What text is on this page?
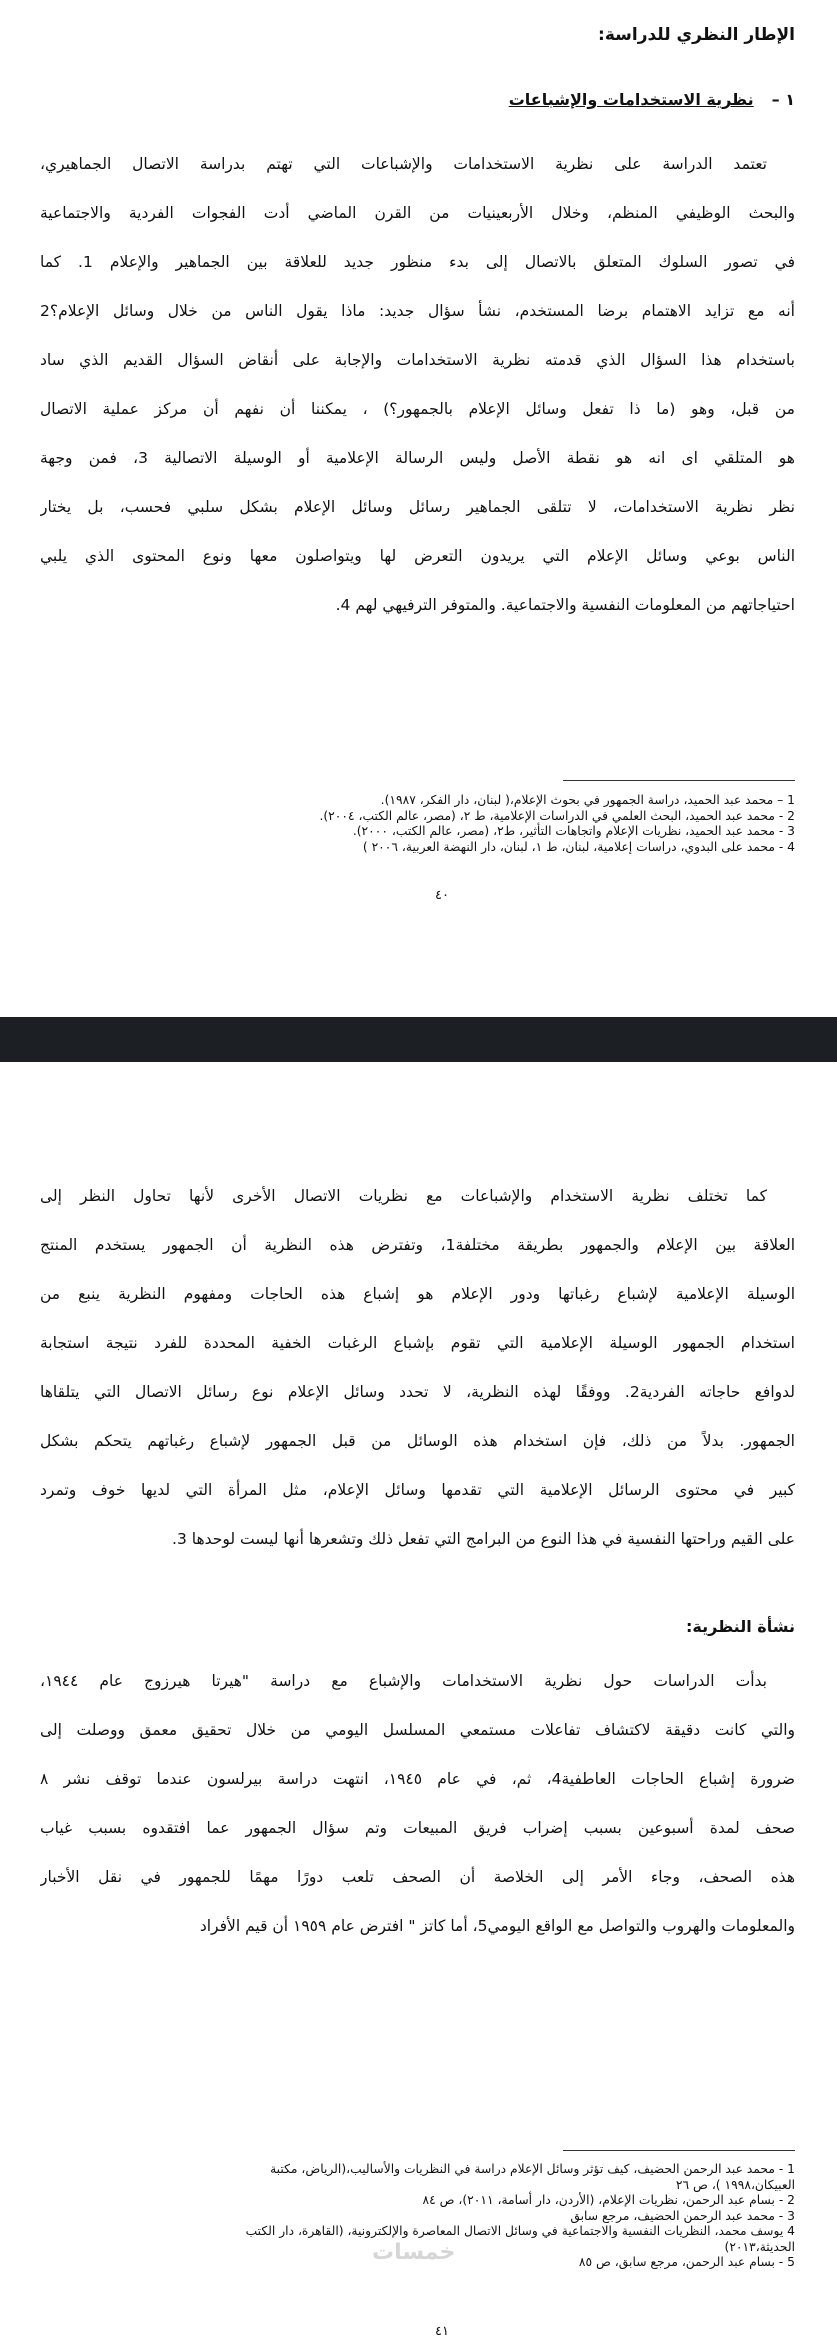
الإطار النظري للدراسة:
١ –نظرية الاستخدامات والإشباعات
تعتمد الدراسة على نظرية الاستخدامات والإشباعات التي تهتم بدراسة الاتصال الجماهيري،
والبحث الوظيفي المنظم، وخلال الأربعينيات من القرن الماضي أدت الفجوات الفردية والاجتماعية
في تصور السلوك المتعلق بالاتصال إلى بدء منظور جديد للعلاقة بين الجماهير والإعلام 1. كما
أنه مع تزايد الاهتمام برضا المستخدم، نشأ سؤال جديد: ماذا يقول الناس من خلال وسائل الإعلام؟2
باستخدام هذا السؤال الذي قدمته نظرية الاستخدامات والإجابة على أنقاض السؤال القديم الذي ساد
من قبل، وهو (ما ذا تفعل وسائل الإعلام بالجمهور؟) ، يمكننا أن نفهم أن مركز عملية الاتصال
هو المتلقي اى انه هو نقطة الأصل وليس الرسالة الإعلامية أو الوسيلة الاتصالية 3، فمن وجهة
نظر نظرية الاستخدامات، لا تتلقى الجماهير رسائل وسائل الإعلام بشكل سلبي فحسب، بل يختار
الناس بوعي وسائل الإعلام التي يريدون التعرض لها ويتواصلون معها ونوع المحتوى الذي يلبي
احتياجاتهم من المعلومات النفسية والاجتماعية. والمتوفر الترفيهي لهم 4.

1 – محمد عبد الحميد، دراسة الجمهور في بحوث الإعلام،( لبنان، دار الفكر، ١٩٨٧).

2 - محمد عبد الحميد، البحث العلمي في الدراسات الإعلامية، ط ٢، (مصر، عالم الكتب، ٢٠٠٤).

3 - محمد عبد الحميد، نظريات الإعلام واتجاهات التأثير، ط٢، (مصر، عالم الكتب، ٢٠٠٠).

4 - محمد على البدوي، دراسات إعلامية، لبنان، ط ١، لبنان، دار النهضة العربية، ٢٠٠٦ )

٤٠
كما تختلف نظرية الاستخدام والإشباعات مع نظريات الاتصال الأخرى لأنها تحاول النظر إلى
العلاقة بين الإعلام والجمهور بطريقة مختلفة1، وتفترض هذه النظرية أن الجمهور يستخدم المنتج
الوسيلة الإعلامية لإشباع رغباتها ودور الإعلام هو إشباع هذه الحاجات ومفهوم النظرية ينبع من
استخدام الجمهور الوسيلة الإعلامية التي تقوم بإشباع الرغبات الخفية المحددة للفرد نتيجة استجابة
لدوافع حاجاته الفردية2. ووفقًا لهذه النظرية، لا تحدد وسائل الإعلام نوع رسائل الاتصال التي يتلقاها
الجمهور. بدلاً من ذلك، فإن استخدام هذه الوسائل من قبل الجمهور لإشباع رغباتهم يتحكم بشكل
كبير في محتوى الرسائل الإعلامية التي تقدمها وسائل الإعلام، مثل المرأة التي لديها خوف وتمرد
على القيم وراحتها النفسية في هذا النوع من البرامج التي تفعل ذلك وتشعرها أنها ليست لوحدها 3.
نشأة النظرية:
بدأت الدراسات حول نظرية الاستخدامات والإشباع مع دراسة "هيرتا هيرزوج عام ١٩٤٤،
والتي كانت دقيقة لاكتشاف تفاعلات مستمعي المسلسل اليومي من خلال تحقيق معمق ووصلت إلى
ضرورة إشباع الحاجات العاطفية4، ثم، في عام ١٩٤٥، انتهت دراسة بيرلسون عندما توقف نشر ٨
صحف لمدة أسبوعين بسبب إضراب فريق المبيعات وتم سؤال الجمهور عما افتقدوه بسبب غياب
هذه الصحف، وجاء الأمر إلى الخلاصة أن الصحف تلعب دورًا مهمًا للجمهور في نقل الأخبار
والمعلومات والهروب والتواصل مع الواقع اليومي5، أما كاتز " افترض عام ١٩٥٩ أن قيم الأفراد

1 - محمد عبد الرحمن الحضيف، كيف تؤثر وسائل الإعلام دراسة في النظريات والأساليب،(الرياض، مكتبة

العبيكان،١٩٩٨ )، ص ٢٦

2 - بسام عبد الرحمن، نظريات الإعلام، (الأردن، دار أسامة، ٢٠١١)، ص ٨٤

3 - محمد عبد الرحمن الحضيف، مرجع سابق

4 يوسف محمد، النظريات النفسية والاجتماعية في وسائل الاتصال المعاصرة والإلكترونية، (القاهرة، دار الكتب

الحديثة،٢٠١٣)

5 - بسام عبد الرحمن، مرجع سابق، ص ٨٥

خمسات
٤١
